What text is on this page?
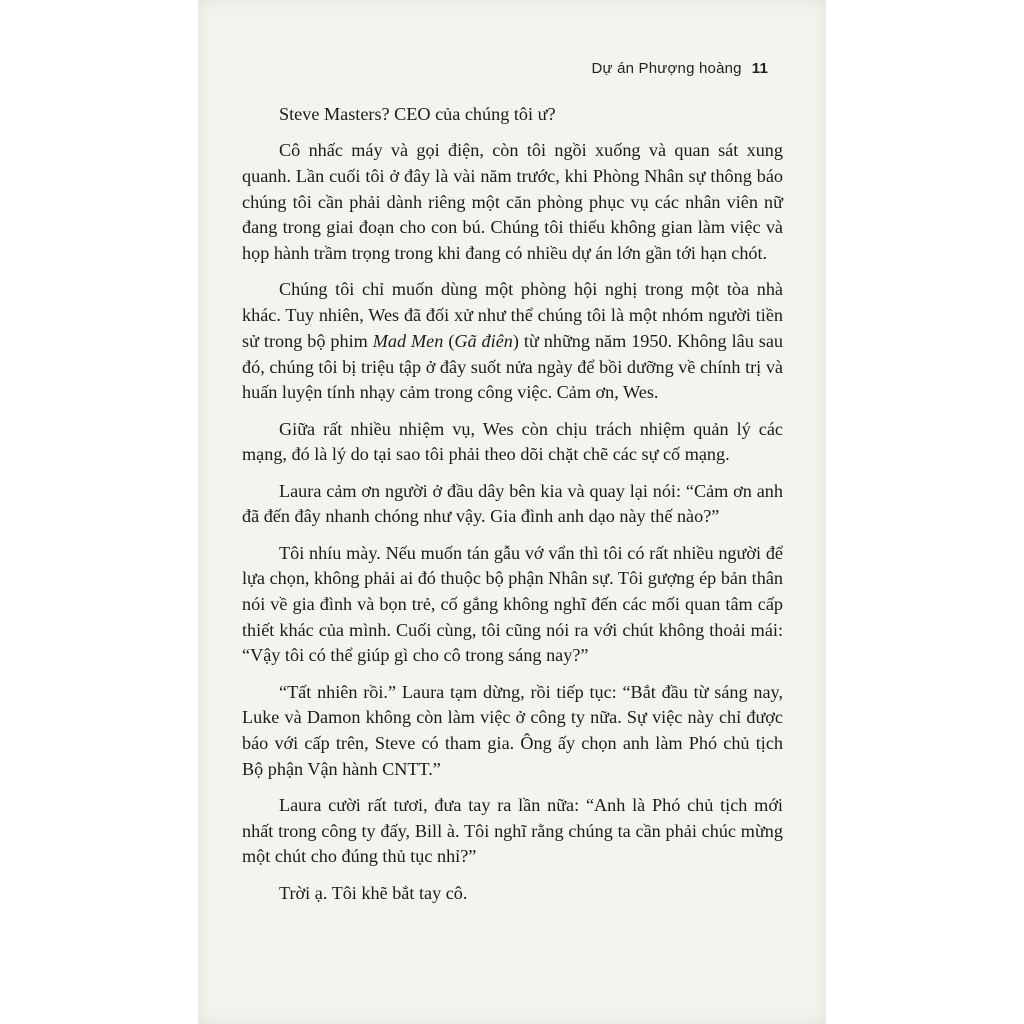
Dự án Phượng hoàng 11

Steve Masters? CEO của chúng tôi ư?

Cô nhấc máy và gọi điện, còn tôi ngồi xuống và quan sát xung quanh. Lần cuối tôi ở đây là vài năm trước, khi Phòng Nhân sự thông báo chúng tôi cần phải dành riêng một căn phòng phục vụ các nhân viên nữ đang trong giai đoạn cho con bú. Chúng tôi thiếu không gian làm việc và họp hành trầm trọng trong khi đang có nhiều dự án lớn gần tới hạn chót.

Chúng tôi chỉ muốn dùng một phòng hội nghị trong một tòa nhà khác. Tuy nhiên, Wes đã đối xử như thể chúng tôi là một nhóm người tiền sử trong bộ phim Mad Men (Gã điên) từ những năm 1950. Không lâu sau đó, chúng tôi bị triệu tập ở đây suốt nửa ngày để bồi dưỡng về chính trị và huấn luyện tính nhạy cảm trong công việc. Cảm ơn, Wes.

Giữa rất nhiều nhiệm vụ, Wes còn chịu trách nhiệm quản lý các mạng, đó là lý do tại sao tôi phải theo dõi chặt chẽ các sự cố mạng.

Laura cảm ơn người ở đầu dây bên kia và quay lại nói: “Cảm ơn anh đã đến đây nhanh chóng như vậy. Gia đình anh dạo này thế nào?”

Tôi nhíu mày. Nếu muốn tán gẫu vớ vẩn thì tôi có rất nhiều người để lựa chọn, không phải ai đó thuộc bộ phận Nhân sự. Tôi gượng ép bản thân nói về gia đình và bọn trẻ, cố gắng không nghĩ đến các mối quan tâm cấp thiết khác của mình. Cuối cùng, tôi cũng nói ra với chút không thoải mái: “Vậy tôi có thể giúp gì cho cô trong sáng nay?”

“Tất nhiên rồi.” Laura tạm dừng, rồi tiếp tục: “Bắt đầu từ sáng nay, Luke và Damon không còn làm việc ở công ty nữa. Sự việc này chỉ được báo với cấp trên, Steve có tham gia. Ông ấy chọn anh làm Phó chủ tịch Bộ phận Vận hành CNTT.”

Laura cười rất tươi, đưa tay ra lần nữa: “Anh là Phó chủ tịch mới nhất trong công ty đấy, Bill à. Tôi nghĩ rằng chúng ta cần phải chúc mừng một chút cho đúng thủ tục nhỉ?”

Trời ạ. Tôi khẽ bắt tay cô.
